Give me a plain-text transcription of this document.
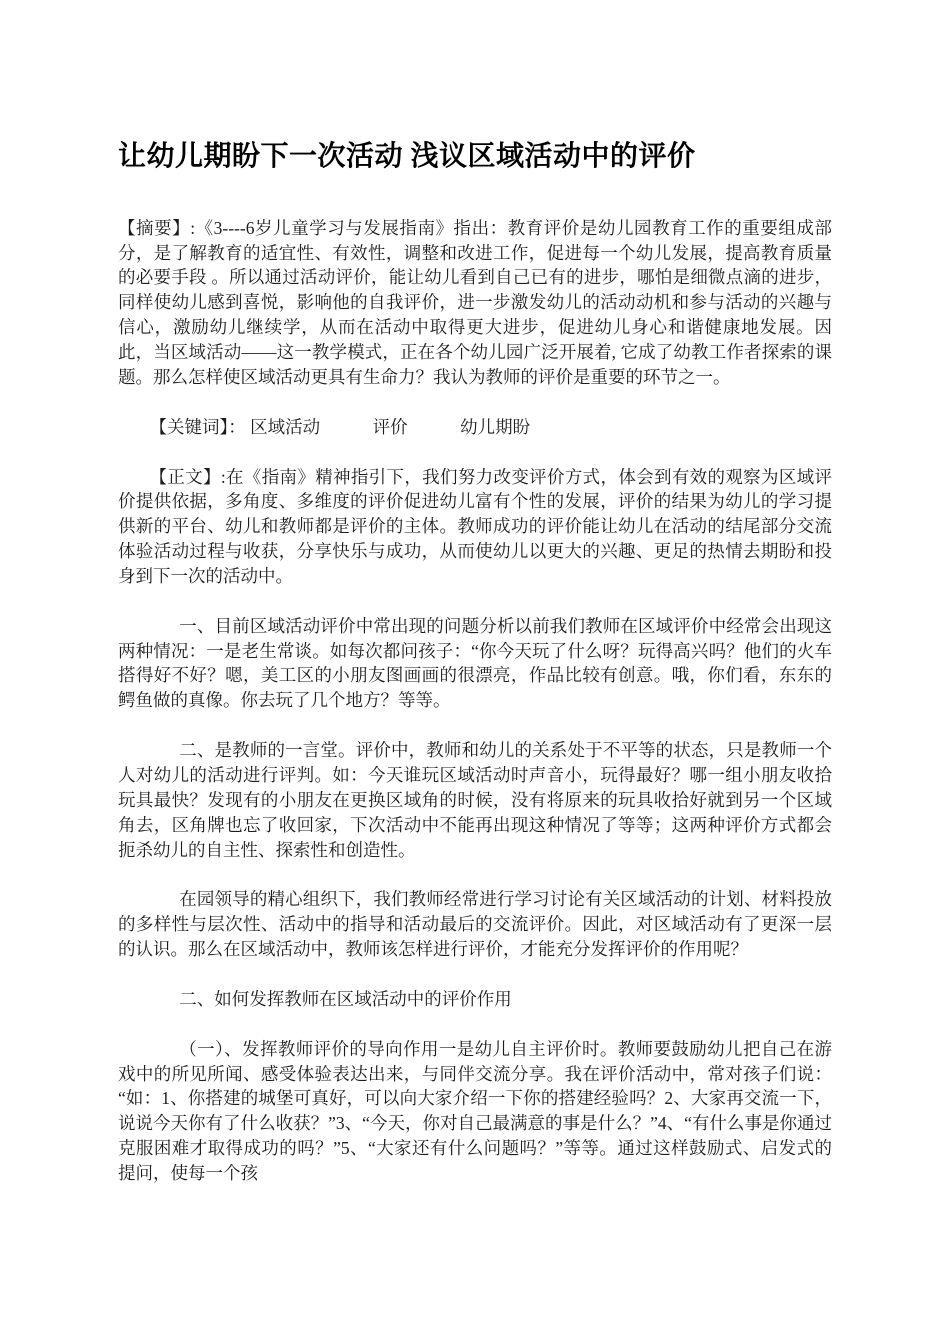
让幼儿期盼下一次活动 浅议区域活动中的评价

【摘要】:《3----6岁儿童学习与发展指南》指出：教育评价是幼儿园教育工作的重要组成部分，是了解教育的适宜性、有效性，调整和改进工作，促进每一个幼儿发展，提高教育质量的必要手段 。所以通过活动评价，能让幼儿看到自己已有的进步，哪怕是细微点滴的进步，同样使幼儿感到喜悦，影响他的自我评价，进一步激发幼儿的活动动机和参与活动的兴趣与信心，激励幼儿继续学，从而在活动中取得更大进步，促进幼儿身心和谐健康地发展。因此，当区域活动——这一教学模式，正在各个幼儿园广泛开展着, 它成了幼教工作者探索的课题。那么怎样使区域活动更具有生命力？我认为教师的评价是重要的环节之一。

【关键词】： 区域活动　　　评价　　　幼儿期盼

【正文】:在《指南》精神指引下，我们努力改变评价方式，体会到有效的观察为区域评价提供依据，多角度、多维度的评价促进幼儿富有个性的发展，评价的结果为幼儿的学习提供新的平台、幼儿和教师都是评价的主体。教师成功的评价能让幼儿在活动的结尾部分交流体验活动过程与收获，分享快乐与成功，从而使幼儿以更大的兴趣、更足的热情去期盼和投身到下一次的活动中。

一、目前区域活动评价中常出现的问题分析以前我们教师在区域评价中经常会出现这两种情况：一是老生常谈。如每次都问孩子：“你今天玩了什么呀？玩得高兴吗？他们的火车搭得好不好？嗯，美工区的小朋友图画画的很漂亮，作品比较有创意。哦，你们看，东东的鳄鱼做的真像。你去玩了几个地方？等等。

二、是教师的一言堂。评价中，教师和幼儿的关系处于不平等的状态，只是教师一个人对幼儿的活动进行评判。如：今天谁玩区域活动时声音小，玩得最好？哪一组小朋友收拾玩具最快？发现有的小朋友在更换区域角的时候，没有将原来的玩具收拾好就到另一个区域角去，区角牌也忘了收回家，下次活动中不能再出现这种情况了等等；这两种评价方式都会扼杀幼儿的自主性、探索性和创造性。

在园领导的精心组织下，我们教师经常进行学习讨论有关区域活动的计划、材料投放的多样性与层次性、活动中的指导和活动最后的交流评价。因此，对区域活动有了更深一层的认识。那么在区域活动中，教师该怎样进行评价，才能充分发挥评价的作用呢？

二、如何发挥教师在区域活动中的评价作用

（一）、发挥教师评价的导向作用一是幼儿自主评价时。教师要鼓励幼儿把自己在游戏中的所见所闻、感受体验表达出来，与同伴交流分享。我在评价活动中，常对孩子们说：“如：1、你搭建的城堡可真好，可以向大家介绍一下你的搭建经验吗？2、大家再交流一下，说说今天你有了什么收获？”3、“今天，你对自己最满意的事是什么？”4、“有什么事是你通过克服困难才取得成功的吗？”5、“大家还有什么问题吗？”等等。通过这样鼓励式、启发式的提问，使每一个孩
